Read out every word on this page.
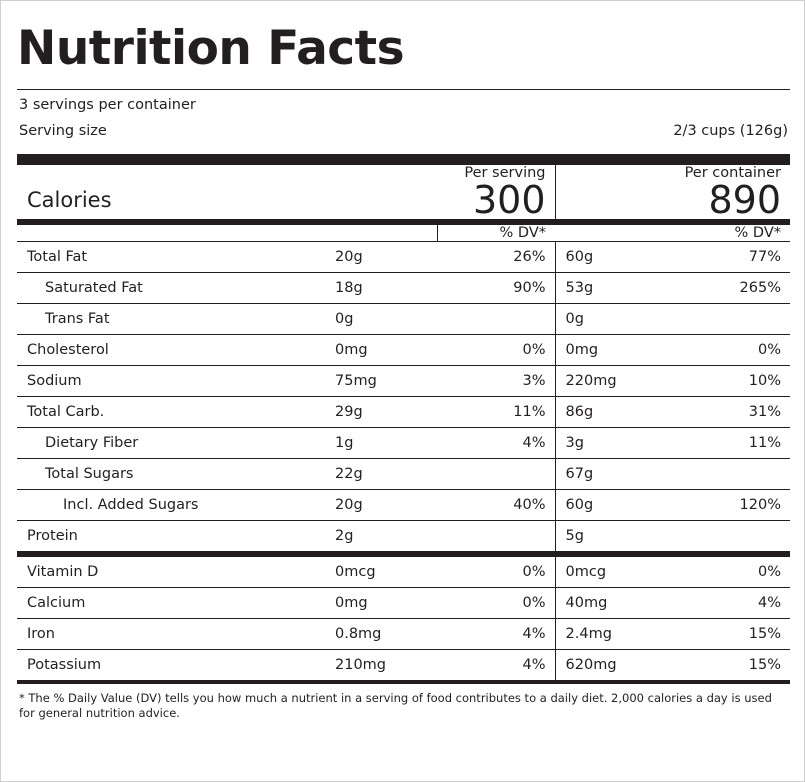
Nutrition Facts
3 servings per container
Serving size	2/3 cups (126g)
	Per serving		Per container	
Calories	300		890	

		% DV*		% DV*
Total Fat	20g	26%	60g	77%
Saturated Fat	18g	90%	53g	265%
Trans Fat	0g		0g	
Cholesterol	0mg	0%	0mg	0%
Sodium	75mg	3%	220mg	10%
Total Carb.	29g	11%	86g	31%
Dietary Fiber	1g	4%	3g	11%
Total Sugars	22g		67g	
Incl. Added Sugars	20g	40%	60g	120%
Protein	2g		5g	
Vitamin D	0mcg	0%	0mcg	0%
Calcium	0mg	0%	40mg	4%
Iron	0.8mg	4%	2.4mg	15%
Potassium	210mg	4%	620mg	15%
* The % Daily Value (DV) tells you how much a nutrient in a serving of food contributes to a daily diet. 2,000 calories a day is used for general nutrition advice.
